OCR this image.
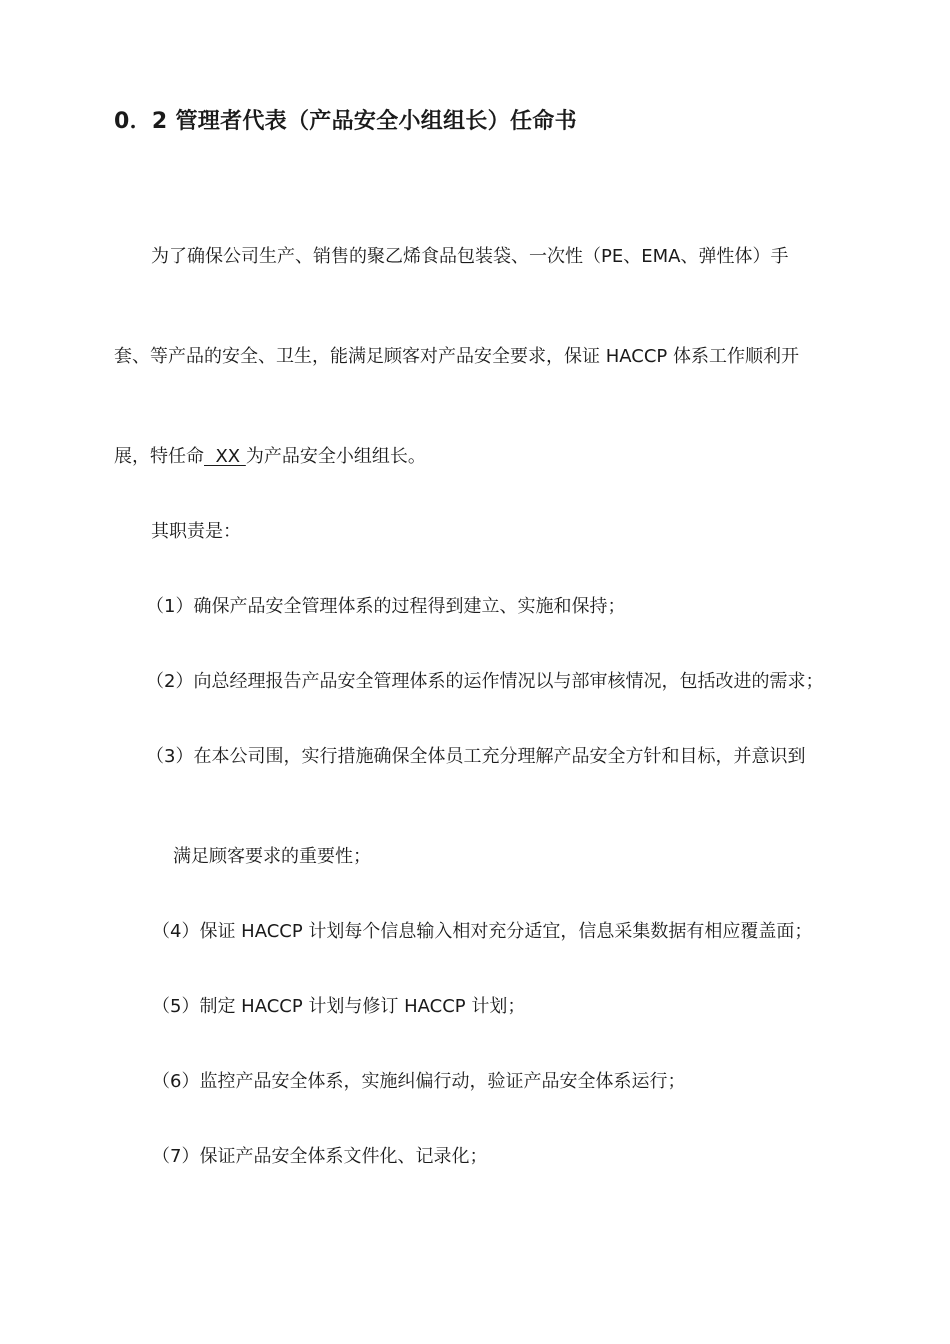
0．2 管理者代表（产品安全小组组长）任命书
为了确保公司生产、销售的聚乙烯食品包装袋、一次性（PE、EMA、弹性体）手
套、等产品的安全、卫生，能满足顾客对产品安全要求，保证 HACCP 体系工作顺利开
展，特任命  XX 为产品安全小组组长。
其职责是：
（1）确保产品安全管理体系的过程得到建立、实施和保持；
（2）向总经理报告产品安全管理体系的运作情况以与部审核情况，包括改进的需求；
（3）在本公司围，实行措施确保全体员工充分理解产品安全方针和目标，并意识到
满足顾客要求的重要性；
（4）保证 HACCP 计划每个信息输入相对充分适宜，信息采集数据有相应覆盖面；
（5）制定 HACCP 计划与修订 HACCP 计划；
（6）监控产品安全体系，实施纠偏行动，验证产品安全体系运行；
（7）保证产品安全体系文件化、记录化；
